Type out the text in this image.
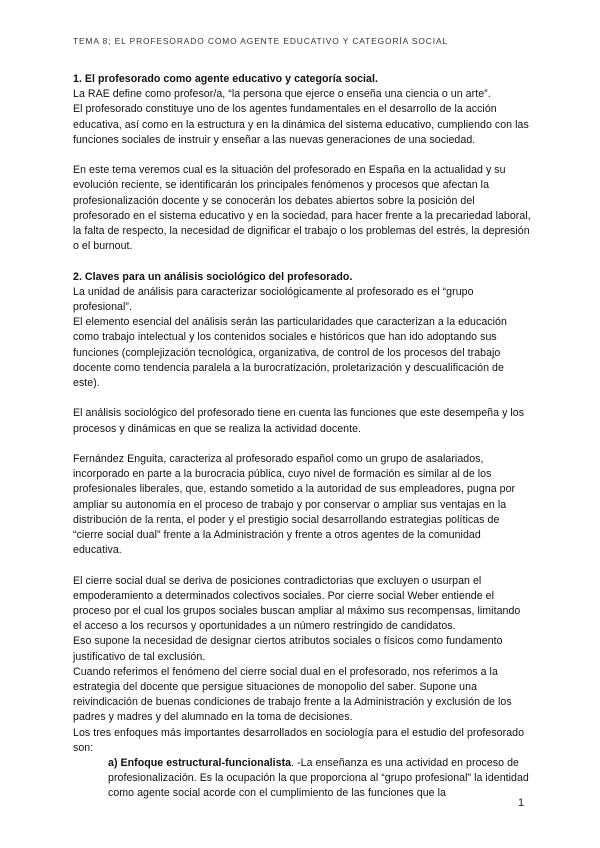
TEMA 8; EL PROFESORADO COMO AGENTE EDUCATIVO Y CATEGORÍA SOCIAL

1. El profesorado como agente educativo y categoría social.

La RAE define como profesor/a, “la persona que ejerce o enseña una ciencia o un arte”.

El profesorado constituye uno de los agentes fundamentales en el desarrollo de la acción educativa, así como en la estructura y en la dinámica del sistema educativo, cumpliendo con las funciones sociales de instruir y enseñar a las nuevas generaciones de una sociedad.

En este tema veremos cual es la situación del profesorado en España en la actualidad y su evolución reciente, se identificarán los principales fenómenos y procesos que afectan la profesionalización docente y se conocerán los debates abiertos sobre la posición del profesorado en el sistema educativo y en la sociedad, para hacer frente a la precariedad laboral, la falta de respecto, la necesidad de dignificar el trabajo o los problemas del estrés, la depresión o el burnout.

2. Claves para un análisis sociológico del profesorado.

La unidad de análisis para caracterizar sociológicamente al profesorado es el “grupo profesional”.

El elemento esencial del análisis serán las particularidades que caracterizan a la educación como trabajo intelectual y los contenidos sociales e históricos que han ido adoptando sus funciones (complejización tecnológica, organizativa, de control de los procesos del trabajo docente como tendencia paralela a la burocratización, proletarización y descualificación de este).

El análisis sociológico del profesorado tiene en cuenta las funciones que este desempeña y los procesos y dinámicas en que se realiza la actividad docente.

Fernández Enguita, caracteriza al profesorado español como un grupo de asalariados, incorporado en parte a la burocracia pública, cuyo nivel de formación es similar al de los profesionales liberales, que, estando sometido a la autoridad de sus empleadores, pugna por ampliar su autonomía en el proceso de trabajo y por conservar o ampliar sus ventajas en la distribución de la renta, el poder y el prestigio social desarrollando estrategias políticas de “cierre social dual” frente a la Administración y frente a otros agentes de la comunidad educativa.

El cierre social dual se deriva de posiciones contradictorias que excluyen o usurpan el empoderamiento a determinados colectivos sociales. Por cierre social Weber entiende el proceso por el cual los grupos sociales buscan ampliar al máximo sus recompensas, limitando el acceso a los recursos y oportunidades a un número restringido de candidatos.

Eso supone la necesidad de designar ciertos atributos sociales o físicos como fundamento justificativo de tal exclusión.

Cuando referimos el fenómeno del cierre social dual en el profesorado, nos referimos a la estrategia del docente que persigue situaciones de monopolio del saber. Supone una reivindicación de buenas condiciones de trabajo frente a la Administración y exclusión de los padres y madres y del alumnado en la toma de decisiones.

Los tres enfoques más importantes desarrollados en sociología para el estudio del profesorado son:

a) Enfoque estructural-funcionalista. -La enseñanza es una actividad en proceso de profesionalización. Es la ocupación la que proporciona al “grupo profesional” la identidad como agente social acorde con el cumplimiento de las funciones que la

1
